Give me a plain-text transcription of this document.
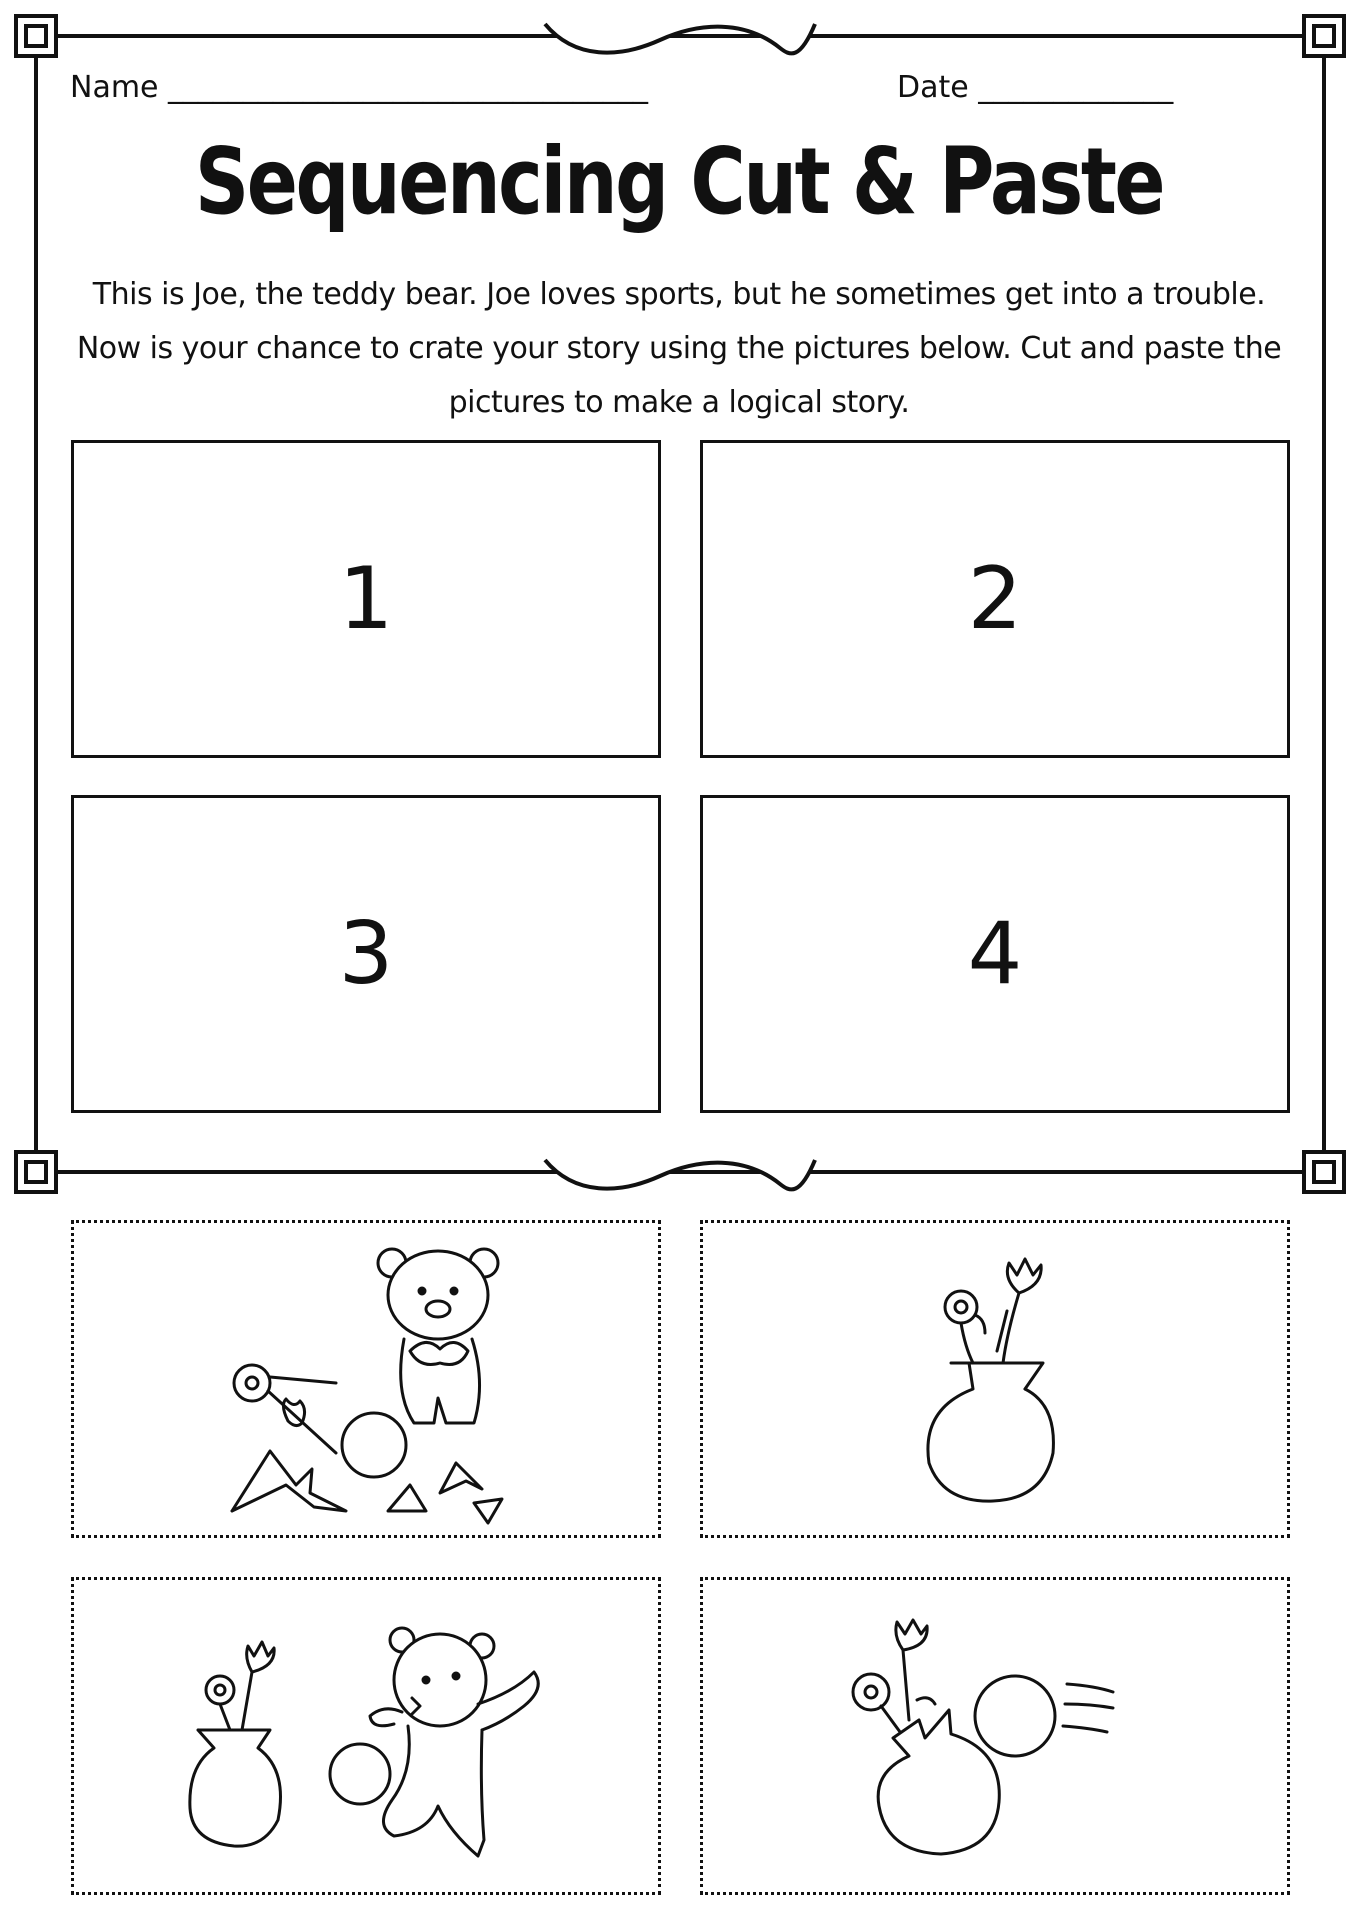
Name ________________________________	Date _____________
Sequencing Cut & Paste
This is Joe, the teddy bear. Joe loves sports, but he sometimes get into a trouble.
Now is your chance to crate your story using the pictures below. Cut and paste the
pictures to make a logical story.
1	2
3	4
